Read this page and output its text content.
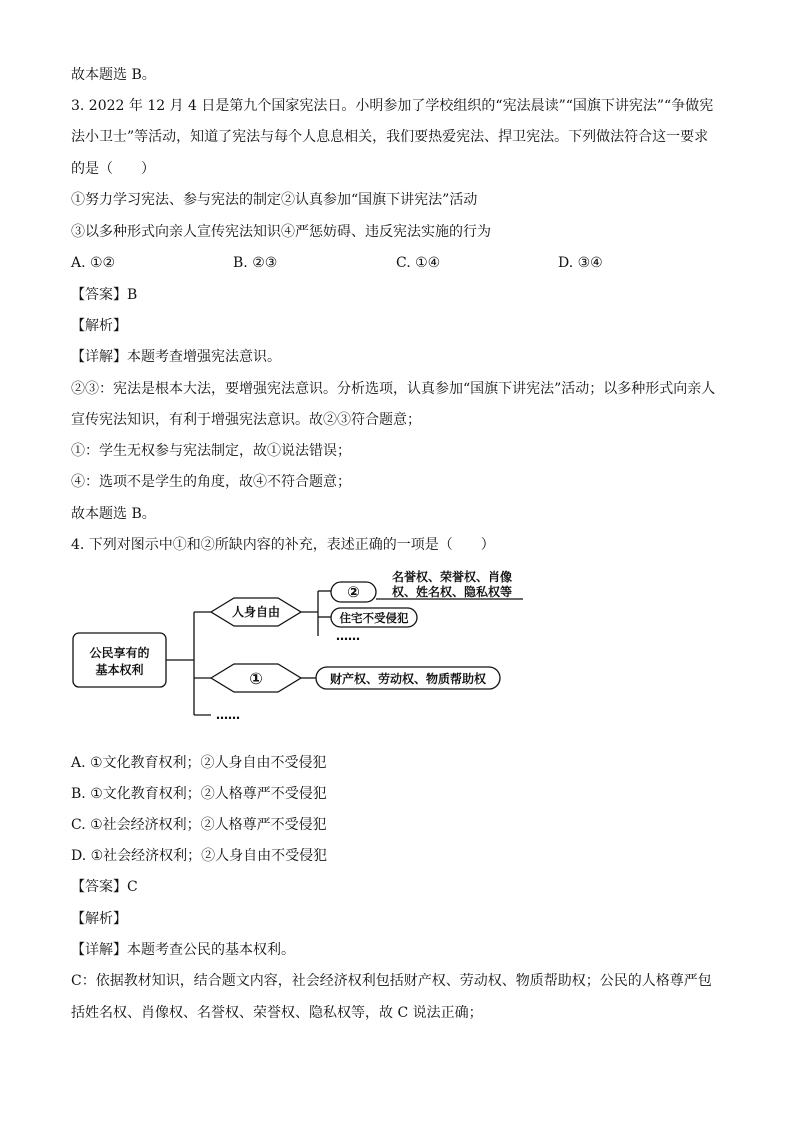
故本题选 B。
3. 2022 年 12 月 4 日是第九个国家宪法日。小明参加了学校组织的“宪法晨读”“国旗下讲宪法”“争做宪
法小卫士”等活动，知道了宪法与每个人息息相关，我们要热爱宪法、捍卫宪法。下列做法符合这一要求
的是（　　）
①努力学习宪法、参与宪法的制定②认真参加“国旗下讲宪法”活动
③以多种形式向亲人宣传宪法知识④严惩妨碍、违反宪法实施的行为
A. ①②	B. ②③	C. ①④	D. ③④
【答案】B
【解析】
【详解】本题考查增强宪法意识。
②③：宪法是根本大法，要增强宪法意识。分析选项，认真参加“国旗下讲宪法”活动；以多种形式向亲人
宣传宪法知识，有利于增强宪法意识。故②③符合题意；
①：学生无权参与宪法制定，故①说法错误；
④：选项不是学生的角度，故④不符合题意；
故本题选 B。
4. 下列对图示中①和②所缺内容的补充，表述正确的一项是（　　）
公民享有的
基本权利
人身自由
①
②
名誉权、荣誉权、肖像
权、姓名权、隐私权等
住宅不受侵犯
……
财产权、劳动权、物质帮助权
……
A. ①文化教育权利；②人身自由不受侵犯
B. ①文化教育权利；②人格尊严不受侵犯
C. ①社会经济权利；②人格尊严不受侵犯
D. ①社会经济权利；②人身自由不受侵犯
【答案】C
【解析】
【详解】本题考查公民的基本权利。
C：依据教材知识，结合题文内容，社会经济权利包括财产权、劳动权、物质帮助权；公民的人格尊严包
括姓名权、肖像权、名誉权、荣誉权、隐私权等，故 C 说法正确；
